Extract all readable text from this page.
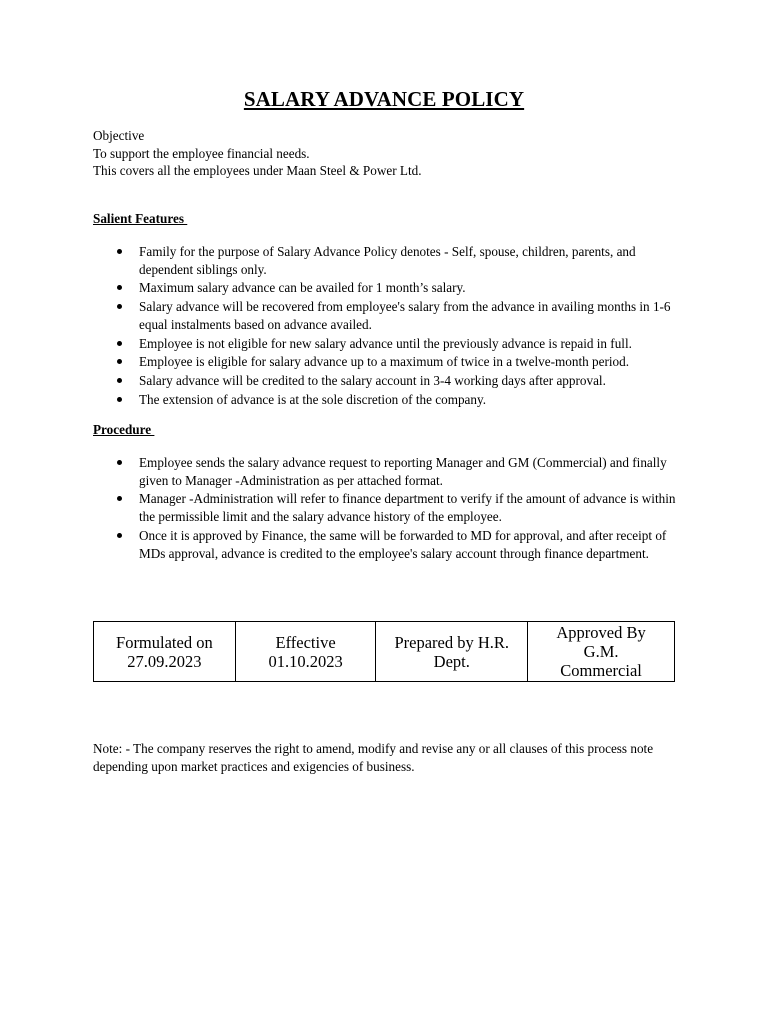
SALARY ADVANCE POLICY
Objective
To support the employee financial needs.
This covers all the employees under Maan Steel & Power Ltd.
Salient Features
Family for the purpose of Salary Advance Policy denotes - Self, spouse, children, parents, and dependent siblings only.
Maximum salary advance can be availed for 1 month’s salary.
Salary advance will be recovered from employee's salary from the advance in availing months in 1-6 equal instalments based on advance availed.
Employee is not eligible for new salary advance until the previously advance is repaid in full.
Employee is eligible for salary advance up to a maximum of twice in a twelve-month period.
Salary advance will be credited to the salary account in 3-4 working days after approval.
The extension of advance is at the sole discretion of the company.
Procedure
Employee sends the salary advance request to reporting Manager and GM (Commercial) and finally given to Manager -Administration as per attached format.
Manager -Administration will refer to finance department to verify if the amount of advance is within the permissible limit and the salary advance history of the employee.
Once it is approved by Finance, the same will be forwarded to MD for approval, and after receipt of MDs approval, advance is credited to the employee's salary account through finance department.
Formulated on
27.09.2023

Effective
01.10.2023

Prepared by H.R.
Dept.

Approved By
G.M.
Commercial
Note: - The company reserves the right to amend, modify and revise any or all clauses of this process note depending upon market practices and exigencies of business.
